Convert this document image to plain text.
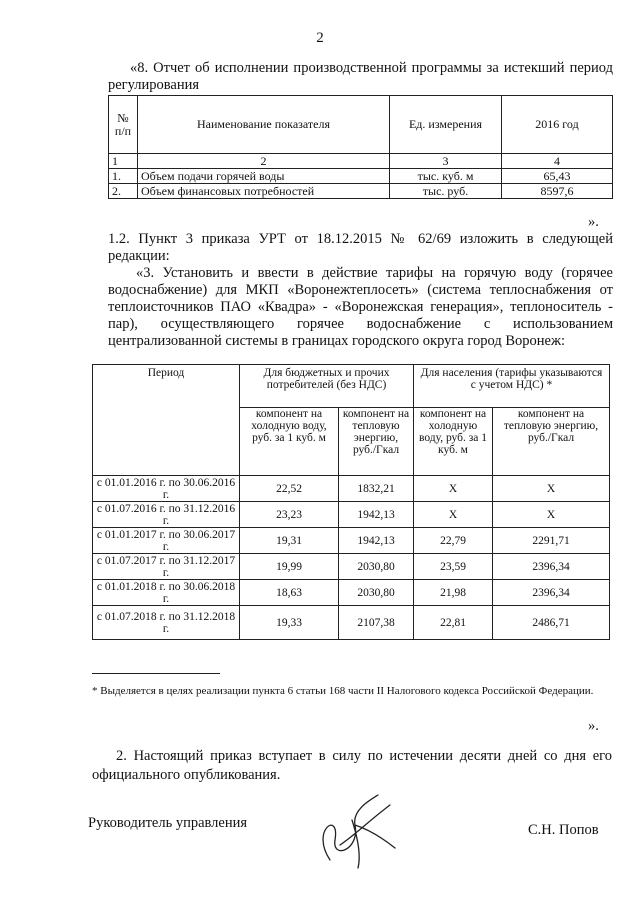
2
«8. Отчет об исполнении производственной программы за истекший период регулирования
№ п/п	Наименование показателя	Ед. измерения	2016 год
1	2	3	4
1.	Объем подачи горячей воды	тыс. куб. м	65,43
2.	Объем финансовых потребностей	тыс. руб.	8597,6
».
1.2. Пункт 3 приказа УРТ от 18.12.2015 № 62/69 изложить в следующей редакции:
«3. Установить и ввести в действие тарифы на горячую воду (горячее водоснабжение) для МКП «Воронежтеплосеть» (система теплоснабжения от теплоисточников ПАО «Квадра» - «Воронежская генерация», теплоноситель - пар), осуществляющего горячее водоснабжение с использованием централизованной системы в границах городского округа город Воронеж:
Период	Для бюджетных и прочих потребителей (без НДС)		Для населения (тарифы указываются с учетом НДС) *	
	компонент на холодную воду, руб. за 1 куб. м	компонент на тепловую энергию, руб./Гкал	компонент на холодную воду, руб. за 1 куб. м	компонент на тепловую энергию, руб./Гкал
с 01.01.2016 г. по 30.06.2016 г.	22,52	1832,21	Х	Х
с 01.07.2016 г. по 31.12.2016 г.	23,23	1942,13	Х	Х
с 01.01.2017 г. по 30.06.2017 г.	19,31	1942,13	22,79	2291,71
с 01.07.2017 г. по 31.12.2017 г.	19,99	2030,80	23,59	2396,34
с 01.01.2018 г. по 30.06.2018 г.	18,63	2030,80	21,98	2396,34
с 01.07.2018 г. по 31.12.2018 г.	19,33	2107,38	22,81	2486,71
* Выделяется в целях реализации пункта 6 статьи 168 части II Налогового кодекса Российской Федерации.
».
2. Настоящий приказ вступает в силу по истечении десяти дней со дня его официального опубликования.
Руководитель управления	С.Н. Попов
